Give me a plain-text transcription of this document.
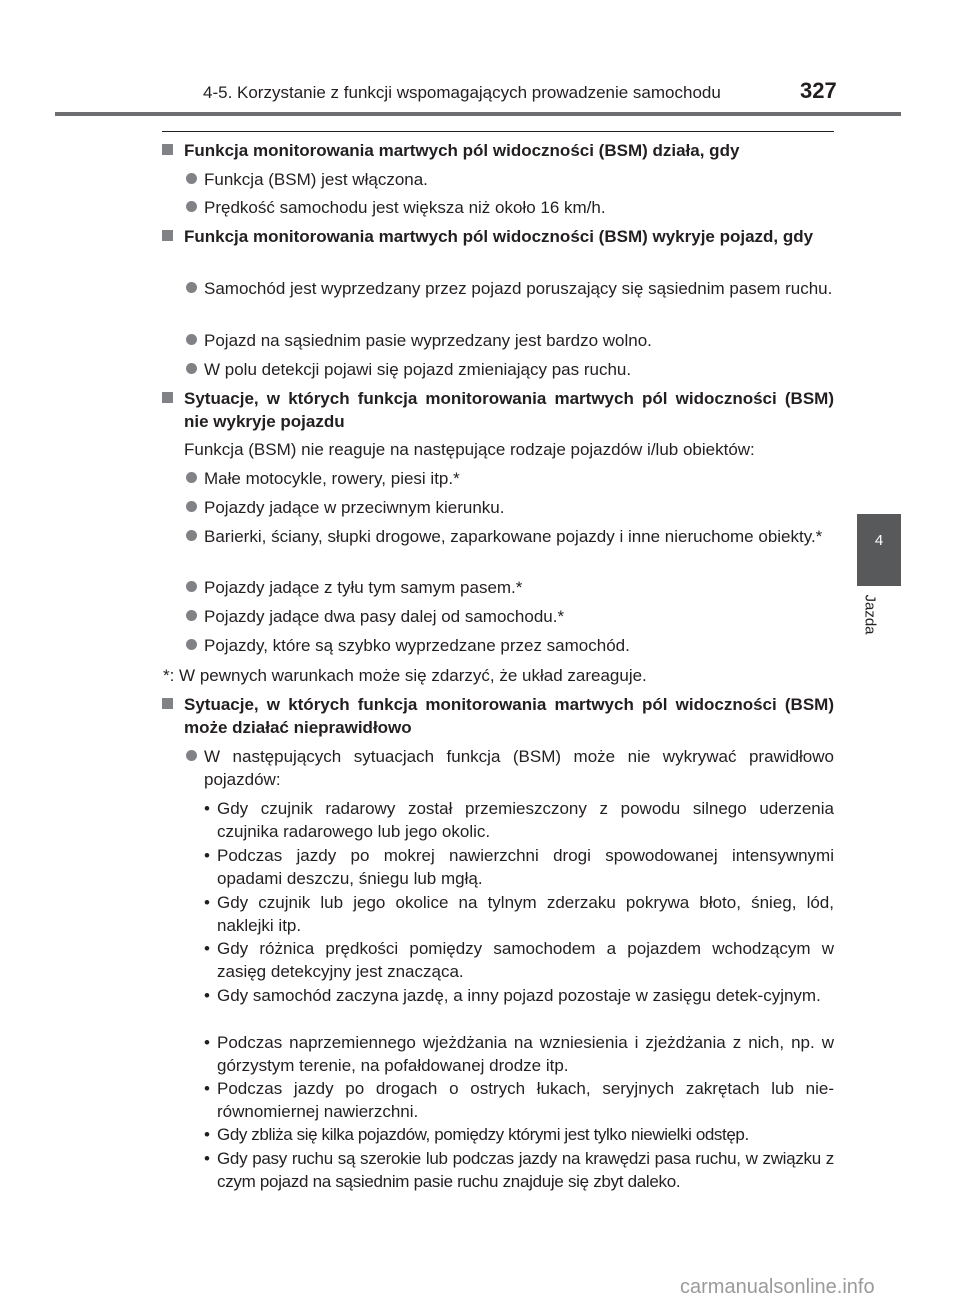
4-5. Korzystanie z funkcji wspomagających prowadzenie samochodu	327
4
Jazda
Funkcja monitorowania martwych pól widoczności (BSM) działa, gdy
Funkcja (BSM) jest włączona.
Prędkość samochodu jest większa niż około 16 km/h.
Funkcja monitorowania martwych pól widoczności (BSM) wykryje pojazd, gdy
Samochód jest wyprzedzany przez pojazd poruszający się sąsiednim pasem ruchu.
Pojazd na sąsiednim pasie wyprzedzany jest bardzo wolno.
W polu detekcji pojawi się pojazd zmieniający pas ruchu.
Sytuacje, w których funkcja monitorowania martwych pól widoczności (BSM) nie wykryje pojazdu
Funkcja (BSM) nie reaguje na następujące rodzaje pojazdów i/lub obiektów:
Małe motocykle, rowery, piesi itp.*
Pojazdy jadące w przeciwnym kierunku.
Barierki, ściany, słupki drogowe, zaparkowane pojazdy i inne nieruchome obiekty.*
Pojazdy jadące z tyłu tym samym pasem.*
Pojazdy jadące dwa pasy dalej od samochodu.*
Pojazdy, które są szybko wyprzedzane przez samochód.
*: W pewnych warunkach może się zdarzyć, że układ zareaguje.
Sytuacje, w których funkcja monitorowania martwych pól widoczności (BSM) może działać nieprawidłowo
W następujących sytuacjach funkcja (BSM) może nie wykrywać prawidłowo pojazdów:
• Gdy czujnik radarowy został przemieszczony z powodu silnego uderzenia czujnika radarowego lub jego okolic.
• Podczas jazdy po mokrej nawierzchni drogi spowodowanej intensywnymi opadami deszczu, śniegu lub mgłą.
• Gdy czujnik lub jego okolice na tylnym zderzaku pokrywa błoto, śnieg, lód, naklejki itp.
• Gdy różnica prędkości pomiędzy samochodem a pojazdem wchodzącym w zasięg detekcyjny jest znacząca.
• Gdy samochód zaczyna jazdę, a inny pojazd pozostaje w zasięgu detek-cyjnym.
• Podczas naprzemiennego wjeżdżania na wzniesienia i zjeżdżania z nich, np. w górzystym terenie, na pofałdowanej drodze itp.
• Podczas jazdy po drogach o ostrych łukach, seryjnych zakrętach lub nie-równomiernej nawierzchni.
• Gdy zbliża się kilka pojazdów, pomiędzy którymi jest tylko niewielki odstęp.
• Gdy pasy ruchu są szerokie lub podczas jazdy na krawędzi pasa ruchu, w związku z czym pojazd na sąsiednim pasie ruchu znajduje się zbyt daleko.
carmanualsonline.info
